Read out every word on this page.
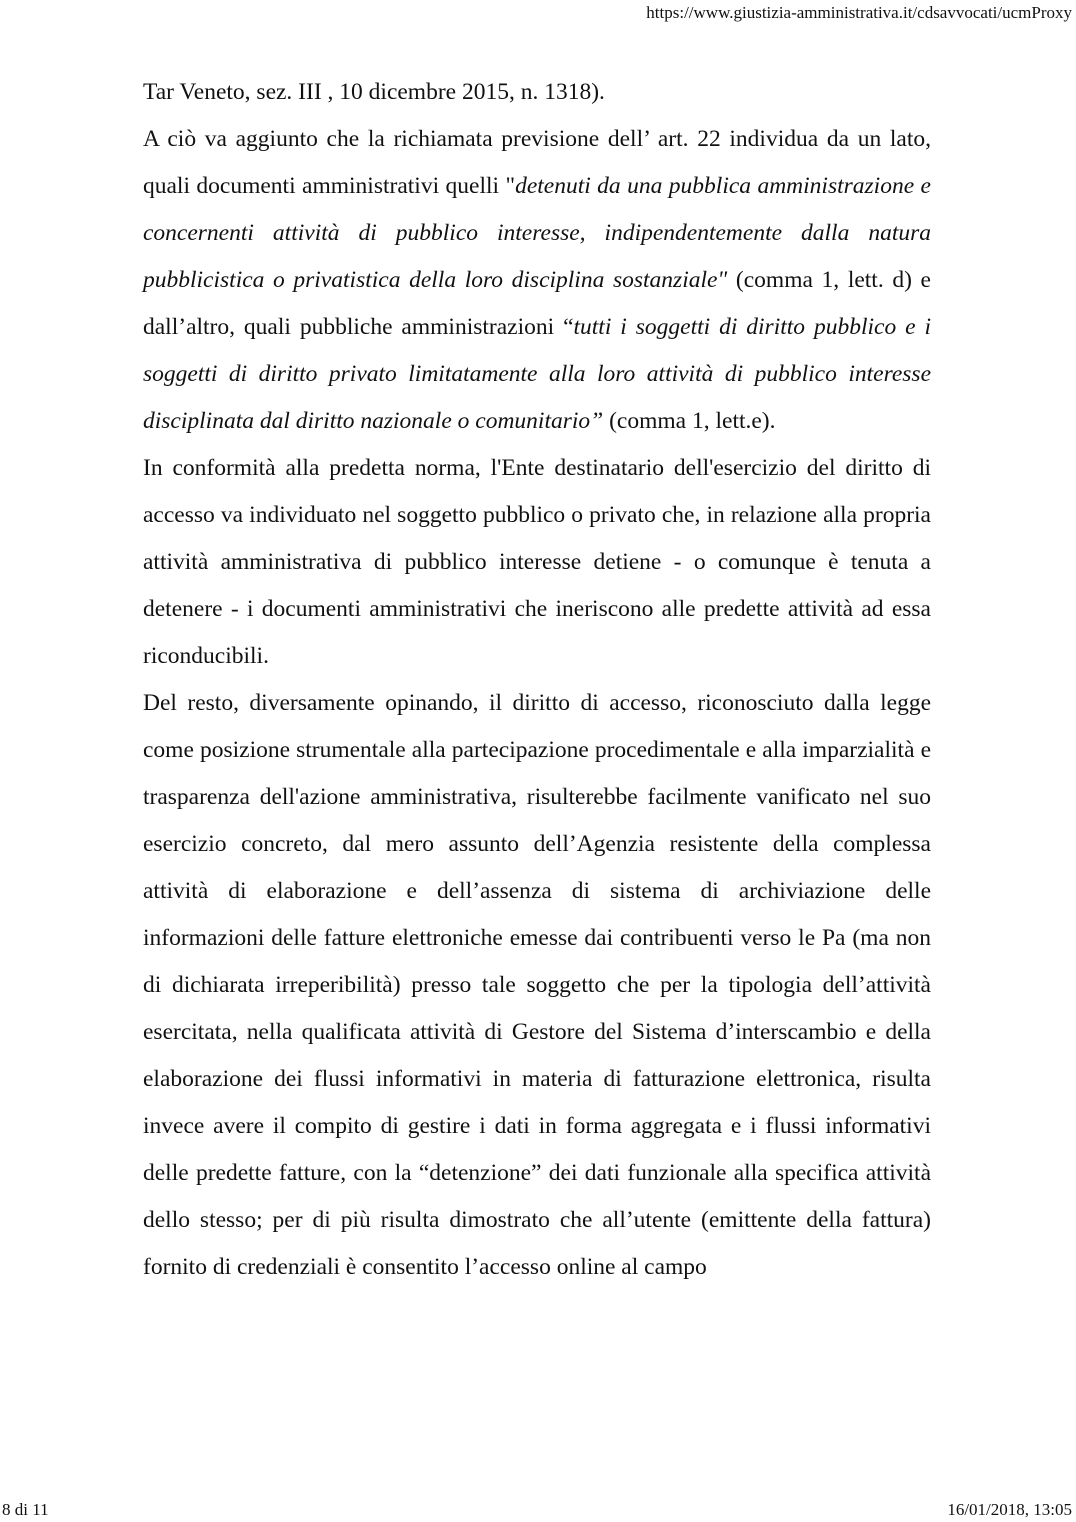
https://www.giustizia-amministrativa.it/cdsavvocati/ucmProxy

Tar Veneto, sez. III , 10 dicembre 2015, n. 1318).

A ciò va aggiunto che la richiamata previsione dell’ art. 22 individua da un lato, quali documenti amministrativi quelli "detenuti da una pubblica amministrazione e concernenti attività di pubblico interesse, indipendentemente dalla natura pubblicistica o privatistica della loro disciplina sostanziale" (comma 1, lett. d) e dall’altro, quali pubbliche amministrazioni “tutti i soggetti di diritto pubblico e i soggetti di diritto privato limitatamente alla loro attività di pubblico interesse disciplinata dal diritto nazionale o comunitario” (comma 1, lett.e).

In conformità alla predetta norma, l'Ente destinatario dell'esercizio del diritto di accesso va individuato nel soggetto pubblico o privato che, in relazione alla propria attività amministrativa di pubblico interesse detiene - o comunque è tenuta a detenere - i documenti amministrativi che ineriscono alle predette attività ad essa riconducibili.

Del resto, diversamente opinando, il diritto di accesso, riconosciuto dalla legge come posizione strumentale alla partecipazione procedimentale e alla imparzialità e trasparenza dell'azione amministrativa, risulterebbe facilmente vanificato nel suo esercizio concreto, dal mero assunto dell’Agenzia resistente della complessa attività di elaborazione e dell’assenza di sistema di archiviazione delle informazioni delle fatture elettroniche emesse dai contribuenti verso le Pa (ma non di dichiarata irreperibilità) presso tale soggetto che per la tipologia dell’attività esercitata, nella qualificata attività di Gestore del Sistema d’interscambio e della elaborazione dei flussi informativi in materia di fatturazione elettronica, risulta invece avere il compito di gestire i dati in forma aggregata e i flussi informativi delle predette fatture, con la “detenzione” dei dati funzionale alla specifica attività dello stesso; per di più risulta dimostrato che all’utente (emittente della fattura) fornito di credenziali è consentito l’accesso online al campo

8 di 11	16/01/2018, 13:05
